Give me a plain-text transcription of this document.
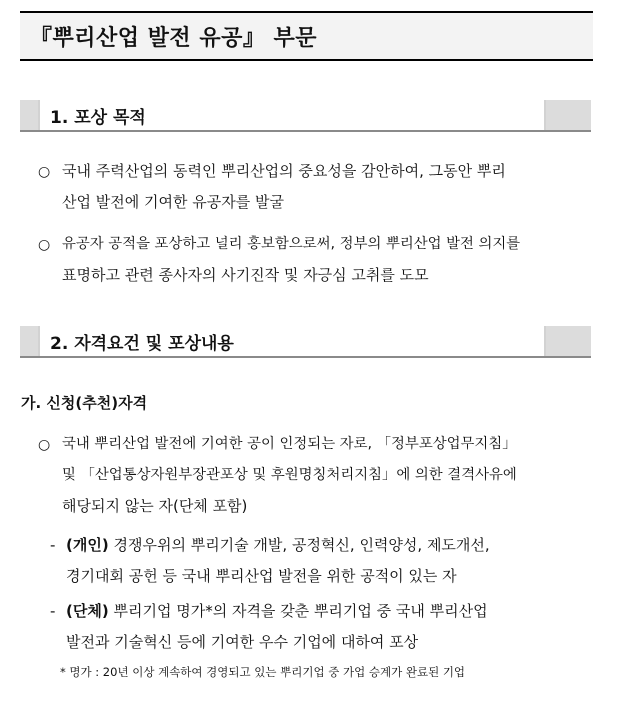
『뿌리산업 발전 유공』 부문
1. 포상 목적
○ 국내 주력산업의 동력인 뿌리산업의 중요성을 감안하여, 그동안 뿌리
산업 발전에 기여한 유공자를 발굴
○ 유공자 공적을 포상하고 널리 홍보함으로써, 정부의 뿌리산업 발전 의지를
표명하고 관련 종사자의 사기진작 및 자긍심 고취를 도모
2. 자격요건 및 포상내용
가. 신청(추천)자격
○ 국내 뿌리산업 발전에 기여한 공이 인정되는 자로, 「정부포상업무지침」
및 「산업통상자원부장관포상 및 후원명칭처리지침」에 의한 결격사유에
해당되지 않는 자(단체 포함)
- (개인) 경쟁우위의 뿌리기술 개발, 공정혁신, 인력양성, 제도개선,
경기대회 공헌 등 국내 뿌리산업 발전을 위한 공적이 있는 자
- (단체) 뿌리기업 명가*의 자격을 갖춘 뿌리기업 중 국내 뿌리산업
발전과 기술혁신 등에 기여한 우수 기업에 대하여 포상
* 명가 : 20년 이상 계속하여 경영되고 있는 뿌리기업 중 가업 승계가 완료된 기업
